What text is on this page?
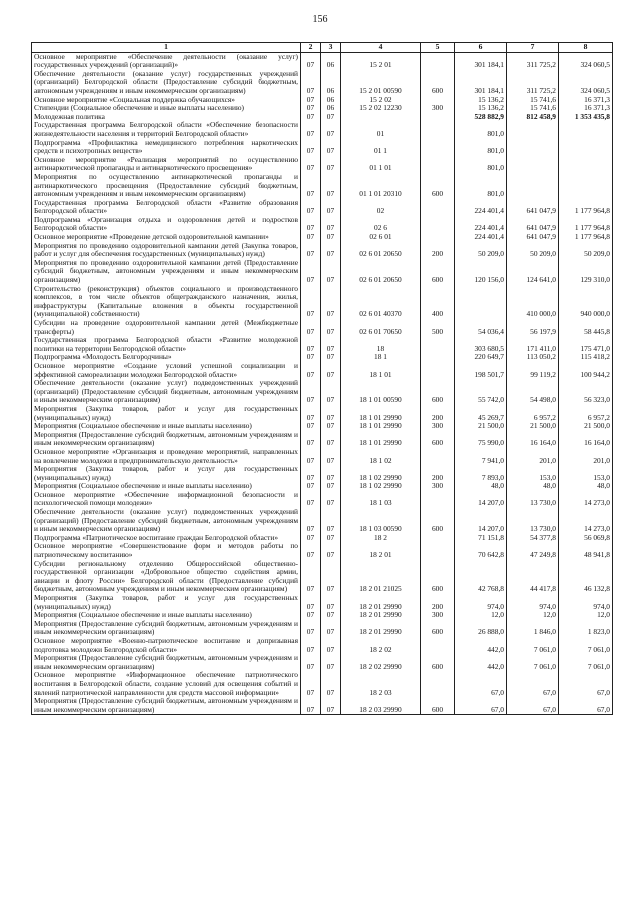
156
1	2	3	4	5	6	7	8
Основное мероприятие «Обеспечение деятельности (оказание услуг) государственных учреждений (организаций)»	07	06	15 2 01		301 184,1	311 725,2	324 060,5
Обеспечение деятельности (оказание услуг) государственных учреждений (организаций) Белгородской области (Предоставление субсидий бюджетным, автономным учреждениям и иным некоммерческим организациям)	07	06	15 2 01 00590	600	301 184,1	311 725,2	324 060,5
Основное мероприятие «Социальная поддержка обучающихся»	07	06	15 2 02		15 136,2	15 741,6	16 371,3
Стипендии (Социальное обеспечение и иные выплаты населению)	07	06	15 2 02 12230	300	15 136,2	15 741,6	16 371,3
Молодежная политика	07	07			528 882,9	812 458,9	1 353 435,8
Государственная программа Белгородской области «Обеспечение безопасности жизнедеятельности населения и территорий Белгородской области»	07	07	01		801,0		
Подпрограмма «Профилактика немедицинского потребления наркотических средств и психотропных веществ»	07	07	01 1		801,0		
Основное мероприятие «Реализация мероприятий по осуществлению антинаркотической пропаганды и антинаркотического просвещения»	07	07	01 1 01		801,0		
Мероприятия по осуществлению антинаркотической пропаганды и антинаркотического просвещения (Предоставление субсидий бюджетным, автономным учреждениям и иным некоммерческим организациям)	07	07	01 1 01 20310	600	801,0		
Государственная программа Белгородской области «Развитие образования Белгородской области»	07	07	02		224 401,4	641 047,9	1 177 964,8
Подпрограмма «Организация отдыха и оздоровления детей и подростков Белгородской области»	07	07	02 6		224 401,4	641 047,9	1 177 964,8
Основное мероприятие «Проведение детской оздоровительной кампании»	07	07	02 6 01		224 401,4	641 047,9	1 177 964,8
Мероприятия по проведению оздоровительной кампании детей (Закупка товаров, работ и услуг для обеспечения государственных (муниципальных) нужд)	07	07	02 6 01 20650	200	50 209,0	50 209,0	50 209,0
Мероприятия по проведению оздоровительной кампании детей (Предоставление субсидий бюджетным, автономным учреждениям и иным некоммерческим организациям)	07	07	02 6 01 20650	600	120 156,0	124 641,0	129 310,0
Строительство (реконструкция) объектов социального и производственного комплексов, в том числе объектов общегражданского назначения, жилья, инфраструктуры (Капитальные вложения в объекты государственной (муниципальной) собственности)	07	07	02 6 01 40370	400		410 000,0	940 000,0
Субсидии на проведение оздоровительной кампании детей (Межбюджетные трансферты)	07	07	02 6 01 70650	500	54 036,4	56 197,9	58 445,8
Государственная программа Белгородской области «Развитие молодежной политики на территории Белгородской области»	07	07	18		303 680,5	171 411,0	175 471,0
Подпрограмма «Молодость Белгородчины»	07	07	18 1		220 649,7	113 050,2	115 418,2
Основное мероприятие «Создание условий успешной социализации и эффективной самореализации молодежи Белгородской области»	07	07	18 1 01		198 501,7	99 119,2	100 944,2
Обеспечение деятельности (оказание услуг) подведомственных учреждений (организаций) (Предоставление субсидий бюджетным, автономным учреждениям и иным некоммерческим организациям)	07	07	18 1 01 00590	600	55 742,0	54 498,0	56 323,0
Мероприятия (Закупка товаров, работ и услуг для государственных (муниципальных) нужд)	07	07	18 1 01 29990	200	45 269,7	6 957,2	6 957,2
Мероприятия (Социальное обеспечение и иные выплаты населению)	07	07	18 1 01 29990	300	21 500,0	21 500,0	21 500,0
Мероприятия (Предоставление субсидий бюджетным, автономным учреждениям и иным некоммерческим организациям)	07	07	18 1 01 29990	600	75 990,0	16 164,0	16 164,0
Основное мероприятие «Организация и проведение мероприятий, направленных на вовлечение молодежи в предпринимательскую деятельность»	07	07	18 1 02		7 941,0	201,0	201,0
Мероприятия (Закупка товаров, работ и услуг для государственных (муниципальных) нужд)	07	07	18 1 02 29990	200	7 893,0	153,0	153,0
Мероприятия (Социальное обеспечение и иные выплаты населению)	07	07	18 1 02 29990	300	48,0	48,0	48,0
Основное мероприятие «Обеспечение информационной безопасности и психологической помощи молодежи»	07	07	18 1 03		14 207,0	13 730,0	14 273,0
Обеспечение деятельности (оказание услуг) подведомственных учреждений (организаций) (Предоставление субсидий бюджетным, автономным учреждениям и иным некоммерческим организациям)	07	07	18 1 03 00590	600	14 207,0	13 730,0	14 273,0
Подпрограмма «Патриотическое воспитание граждан Белгородской области»	07	07	18 2		71 151,8	54 377,8	56 069,8
Основное мероприятие «Совершенствование форм и методов работы по патриотическому воспитанию»	07	07	18 2 01		70 642,8	47 249,8	48 941,8
Субсидии региональному отделению Общероссийской общественно-государственной организации «Добровольное общество содействия армии, авиации и флоту России» Белгородской области (Предоставление субсидий бюджетным, автономным учреждениям и иным некоммерческим организациям)	07	07	18 2 01 21025	600	42 768,8	44 417,8	46 132,8
Мероприятия (Закупка товаров, работ и услуг для государственных (муниципальных) нужд)	07	07	18 2 01 29990	200	974,0	974,0	974,0
Мероприятия (Социальное обеспечение и иные выплаты населению)	07	07	18 2 01 29990	300	12,0	12,0	12,0
Мероприятия (Предоставление субсидий бюджетным, автономным учреждениям и иным некоммерческим организациям)	07	07	18 2 01 29990	600	26 888,0	1 846,0	1 823,0
Основное мероприятие «Военно-патриотическое воспитание и допризывная подготовка молодежи Белгородской области»	07	07	18 2 02		442,0	7 061,0	7 061,0
Мероприятия (Предоставление субсидий бюджетным, автономным учреждениям и иным некоммерческим организациям)	07	07	18 2 02 29990	600	442,0	7 061,0	7 061,0
Основное мероприятие «Информационное обеспечение патриотического воспитания в Белгородской области, создание условий для освещения событий и явлений патриотической направленности для средств массовой информации»	07	07	18 2 03		67,0	67,0	67,0
Мероприятия (Предоставление субсидий бюджетным, автономным учреждениям и иным некоммерческим организациям)	07	07	18 2 03 29990	600	67,0	67,0	67,0
